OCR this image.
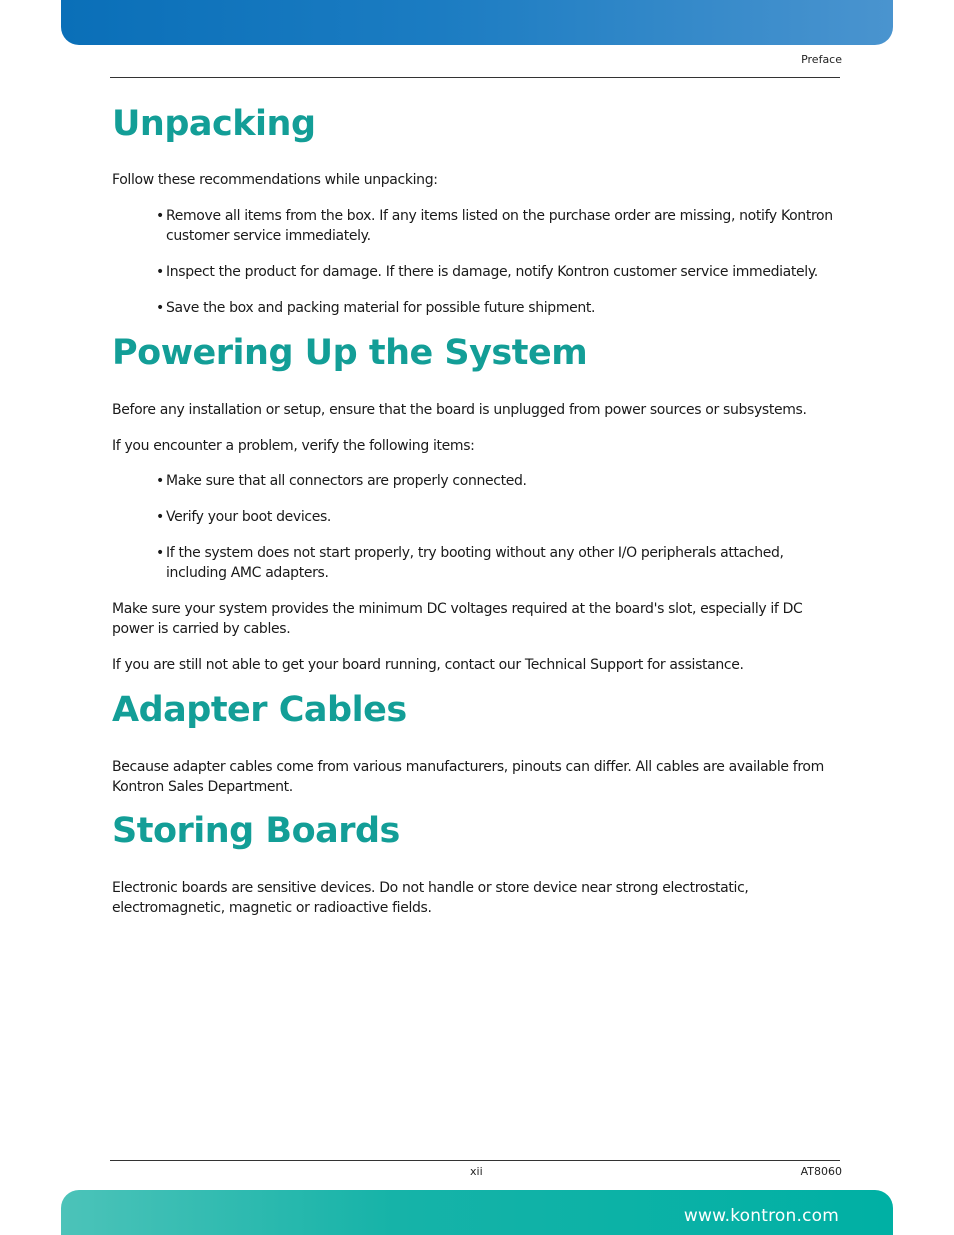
Preface
Unpacking

Follow these recommendations while unpacking:

• Remove all items from the box. If any items listed on the purchase order are missing, notify Kontron customer service immediately.

• Inspect the product for damage. If there is damage, notify Kontron customer service immediately.

• Save the box and packing material for possible future shipment.

Powering Up the System

Before any installation or setup, ensure that the board is unplugged from power sources or subsystems.

If you encounter a problem, verify the following items:

• Make sure that all connectors are properly connected.

• Verify your boot devices.

• If the system does not start properly, try booting without any other I/O peripherals attached, including AMC adapters.

Make sure your system provides the minimum DC voltages required at the board's slot, especially if DC power is carried by cables.

If you are still not able to get your board running, contact our Technical Support for assistance.

Adapter Cables

Because adapter cables come from various manufacturers, pinouts can differ. All cables are available from Kontron Sales Department.

Storing Boards

Electronic boards are sensitive devices. Do not handle or store device near strong electrostatic, electromagnetic, magnetic or radioactive fields.

xii	AT8060
www.kontron.com
